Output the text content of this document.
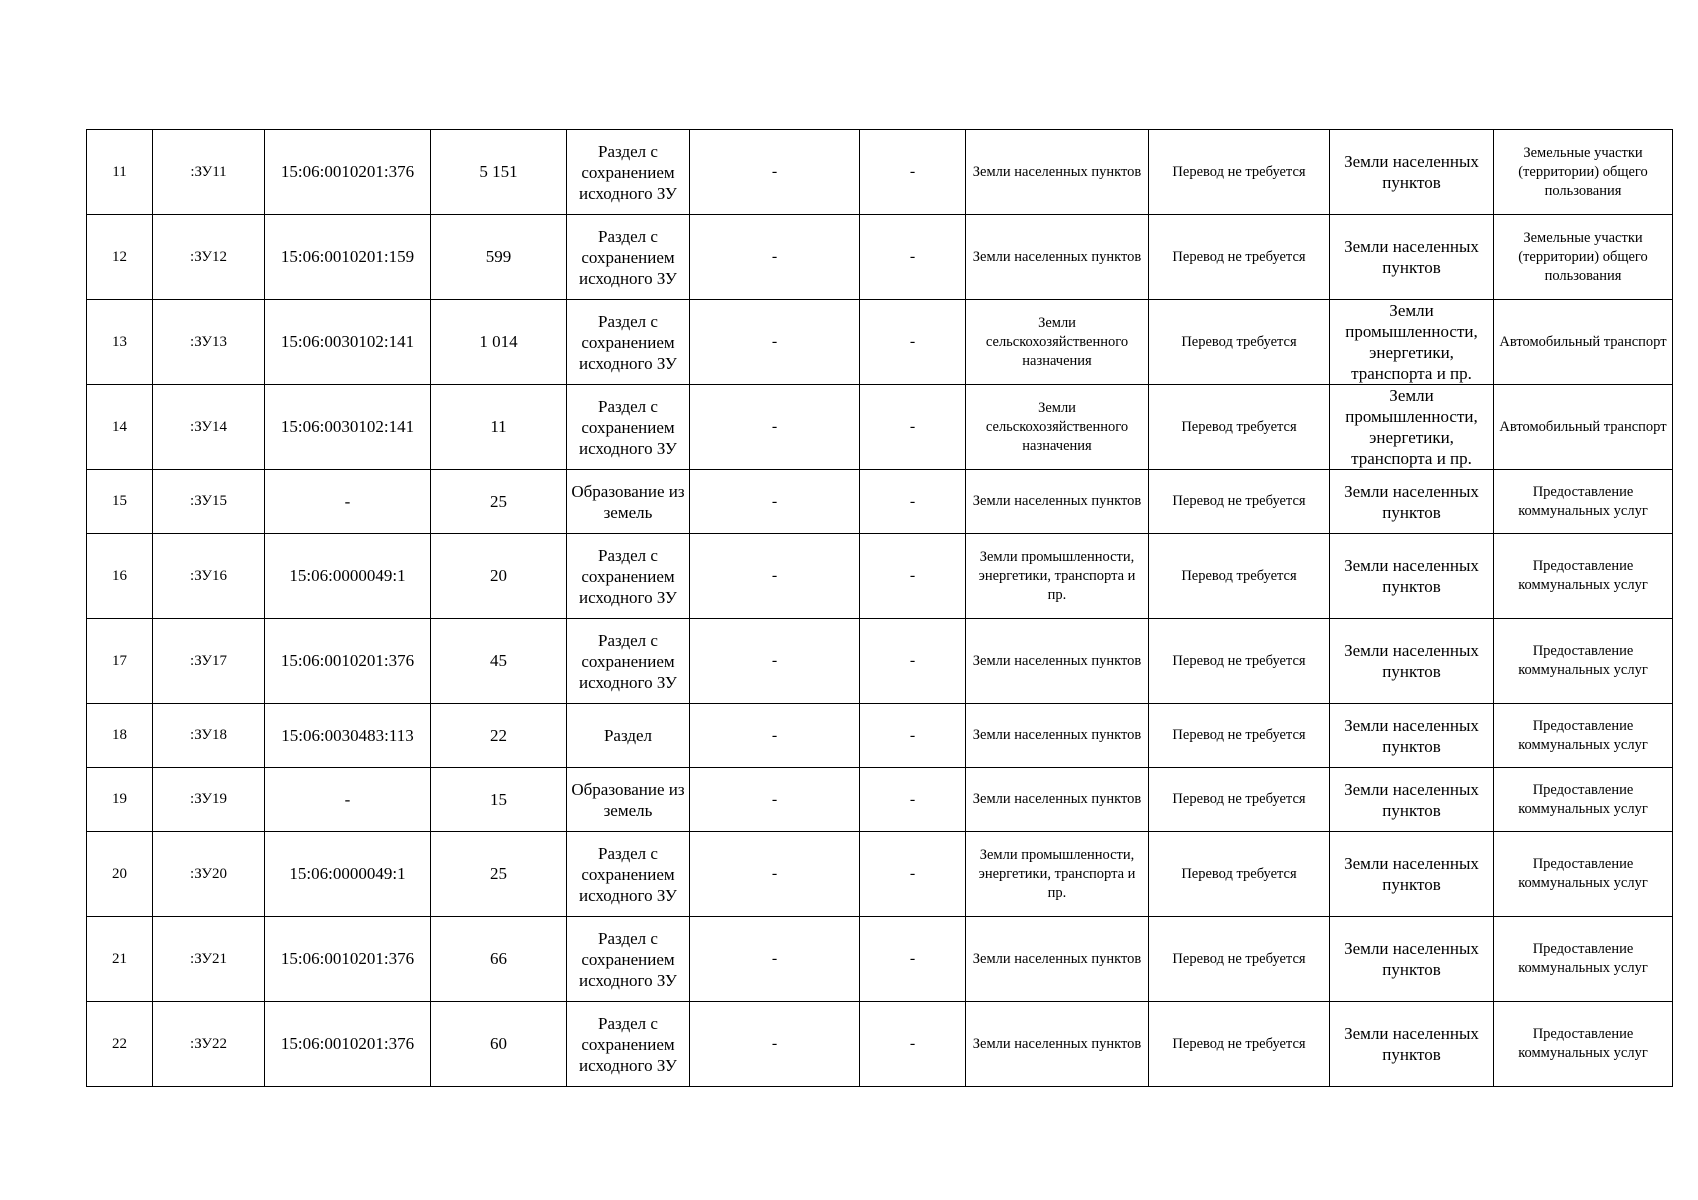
11	:ЗУ11	15:06:0010201:376	5 151	Раздел с сохранением исходного ЗУ	-	-	Земли населенных пунктов	Перевод не требуется	Земли населенных пунктов	Земельные участки (территории) общего пользования
12	:ЗУ12	15:06:0010201:159	599	Раздел с сохранением исходного ЗУ	-	-	Земли населенных пунктов	Перевод не требуется	Земли населенных пунктов	Земельные участки (территории) общего пользования
13	:ЗУ13	15:06:0030102:141	1 014	Раздел с сохранением исходного ЗУ	-	-	Земли сельскохозяйственного назначения	Перевод требуется	Земли промышленности, энергетики, транспорта и пр.	Автомобильный транспорт
14	:ЗУ14	15:06:0030102:141	11	Раздел с сохранением исходного ЗУ	-	-	Земли сельскохозяйственного назначения	Перевод требуется	Земли промышленности, энергетики, транспорта и пр.	Автомобильный транспорт
15	:ЗУ15	-	25	Образование из земель	-	-	Земли населенных пунктов	Перевод не требуется	Земли населенных пунктов	Предоставление коммунальных услуг
16	:ЗУ16	15:06:0000049:1	20	Раздел с сохранением исходного ЗУ	-	-	Земли промышленности, энергетики, транспорта и пр.	Перевод требуется	Земли населенных пунктов	Предоставление коммунальных услуг
17	:ЗУ17	15:06:0010201:376	45	Раздел с сохранением исходного ЗУ	-	-	Земли населенных пунктов	Перевод не требуется	Земли населенных пунктов	Предоставление коммунальных услуг
18	:ЗУ18	15:06:0030483:113	22	Раздел	-	-	Земли населенных пунктов	Перевод не требуется	Земли населенных пунктов	Предоставление коммунальных услуг
19	:ЗУ19	-	15	Образование из земель	-	-	Земли населенных пунктов	Перевод не требуется	Земли населенных пунктов	Предоставление коммунальных услуг
20	:ЗУ20	15:06:0000049:1	25	Раздел с сохранением исходного ЗУ	-	-	Земли промышленности, энергетики, транспорта и пр.	Перевод требуется	Земли населенных пунктов	Предоставление коммунальных услуг
21	:ЗУ21	15:06:0010201:376	66	Раздел с сохранением исходного ЗУ	-	-	Земли населенных пунктов	Перевод не требуется	Земли населенных пунктов	Предоставление коммунальных услуг
22	:ЗУ22	15:06:0010201:376	60	Раздел с сохранением исходного ЗУ	-	-	Земли населенных пунктов	Перевод не требуется	Земли населенных пунктов	Предоставление коммунальных услуг
